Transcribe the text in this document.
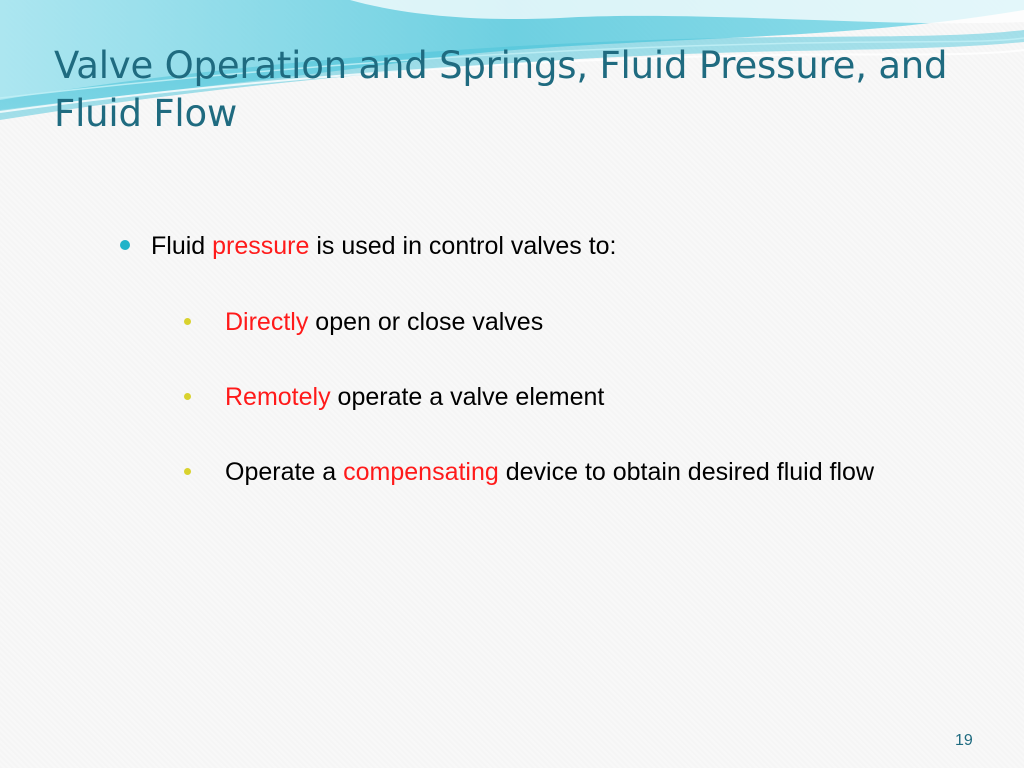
Valve Operation and Springs, Fluid Pressure, and Fluid Flow
Fluid pressure is used in control valves to:
Directly open or close valves
Remotely operate a valve element
Operate a compensating device to obtain desired fluid flow
19
